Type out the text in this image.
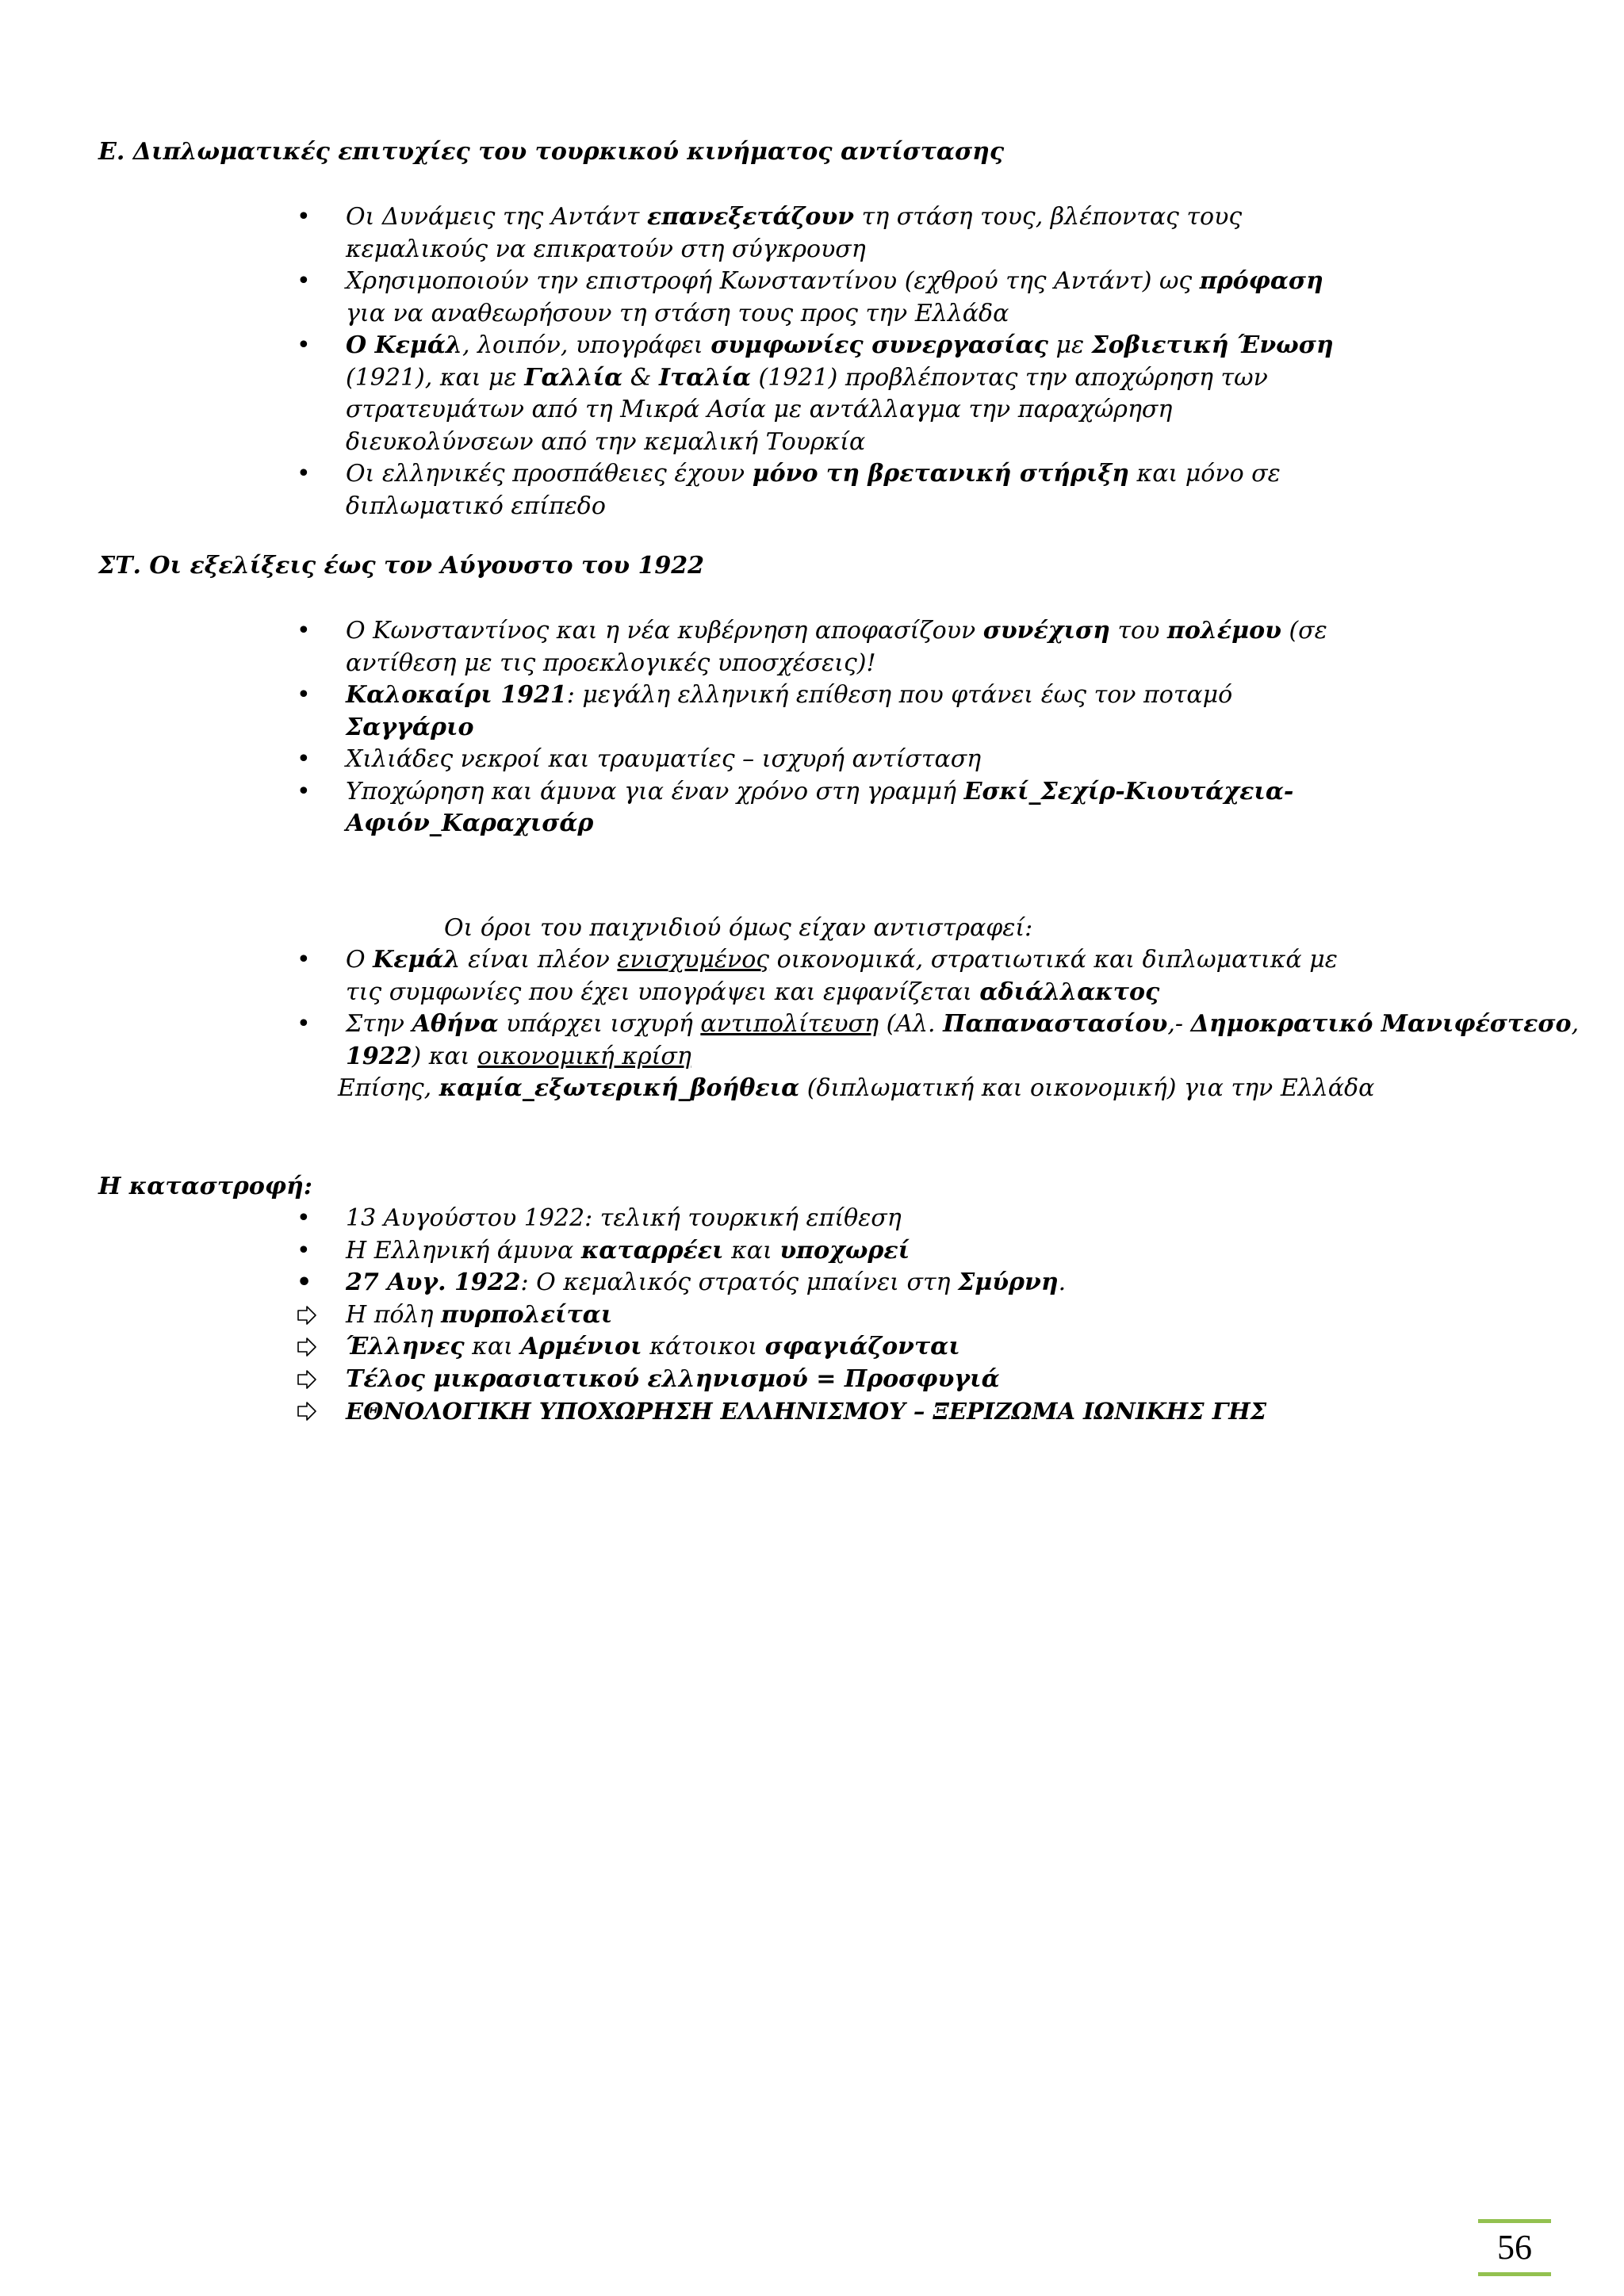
Ε. Διπλωματικές επιτυχίες του τουρκικού κινήματος αντίστασης
• Οι Δυνάμεις της Αντάντ επανεξετάζουν τη στάση τους, βλέποντας τους
κεμαλικούς να επικρατούν στη σύγκρουση
• Χρησιμοποιούν την επιστροφή Κωνσταντίνου (εχθρού της Αντάντ) ως πρόφαση
για να αναθεωρήσουν τη στάση τους προς την Ελλάδα
• Ο Κεμάλ, λοιπόν, υπογράφει συμφωνίες συνεργασίας με Σοβιετική Ένωση
(1921), και με Γαλλία & Ιταλία (1921) προβλέποντας την αποχώρηση των
στρατευμάτων από τη Μικρά Ασία με αντάλλαγμα την παραχώρηση
διευκολύνσεων από την κεμαλική Τουρκία
• Οι ελληνικές προσπάθειες έχουν μόνο τη βρετανική στήριξη και μόνο σε
διπλωματικό επίπεδο
ΣΤ. Οι εξελίξεις έως τον Αύγουστο του 1922
• Ο Κωνσταντίνος και η νέα κυβέρνηση αποφασίζουν συνέχιση του πολέμου (σε
αντίθεση με τις προεκλογικές υποσχέσεις)!
• Καλοκαίρι 1921: μεγάλη ελληνική επίθεση που φτάνει έως τον ποταμό
Σαγγάριο
• Χιλιάδες νεκροί και τραυματίες – ισχυρή αντίσταση
• Υποχώρηση και άμυνα για έναν χρόνο στη γραμμή Εσκί_Σεχίρ-Κιουτάχεια-
Αφιόν_Καραχισάρ
Οι όροι του παιχνιδιού όμως είχαν αντιστραφεί:
• Ο Κεμάλ είναι πλέον ενισχυμένος οικονομικά, στρατιωτικά και διπλωματικά με
τις συμφωνίες που έχει υπογράψει και εμφανίζεται αδιάλλακτος
• Στην Αθήνα υπάρχει ισχυρή αντιπολίτευση (Αλ. Παπαναστασίου,- Δημοκρατικό Μανιφέστεσο,
1922) και οικονομική κρίση
Επίσης, καμία_εξωτερική_βοήθεια (διπλωματική και οικονομική) για την Ελλάδα
Η καταστροφή:
• 13 Αυγούστου 1922: τελική τουρκική επίθεση
• Η Ελληνική άμυνα καταρρέει και υποχωρεί
• 27 Αυγ. 1922: Ο κεμαλικός στρατός μπαίνει στη Σμύρνη.
Η πόλη πυρπολείται
Έλληνες και Αρμένιοι κάτοικοι σφαγιάζονται
Τέλος μικρασιατικού ελληνισμού = Προσφυγιά
ΕΘΝΟΛΟΓΙΚΗ ΥΠΟΧΩΡΗΣΗ ΕΛΛΗΝΙΣΜΟΥ – ΞΕΡΙΖΩΜΑ ΙΩΝΙΚΗΣ ΓΗΣ
56
